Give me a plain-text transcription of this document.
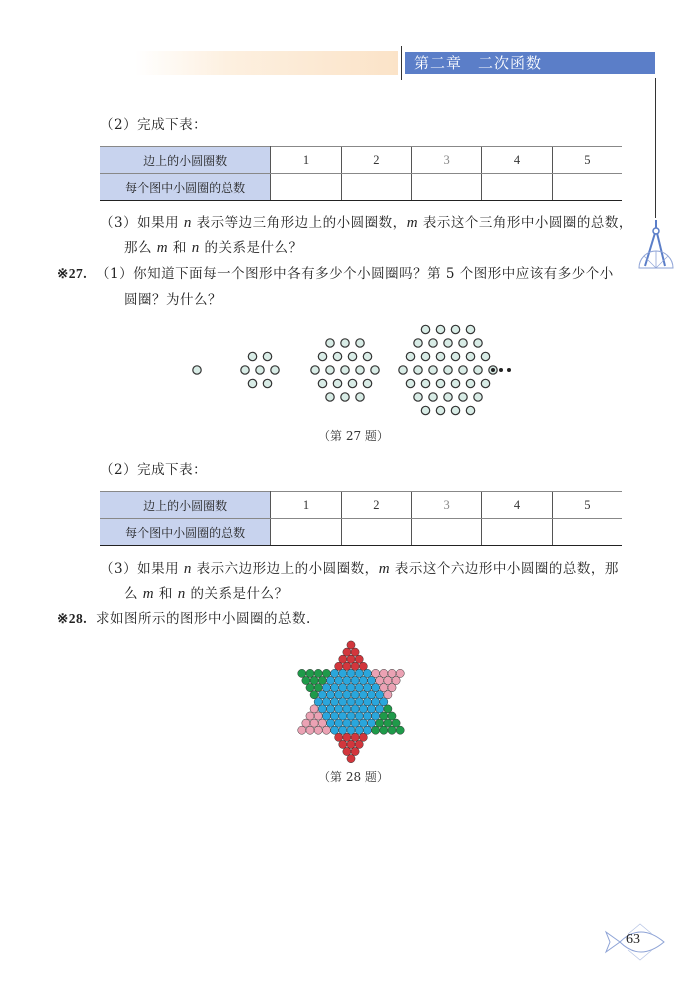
第二章　二次函数
（2）完成下表：
边上的小圆圈数	1	2	3	4	5
每个图中小圆圈的总数					
（3）如果用 n 表示等边三角形边上的小圆圈数，m 表示这个三角形中小圆圈的总数，
那么 m 和 n 的关系是什么？
※27. （1）你知道下面每一个图形中各有多少个小圆圈吗？第 5 个图形中应该有多少个小
圆圈？为什么？
（第 27 题）
（2）完成下表：
边上的小圆圈数	1	2	3	4	5
每个图中小圆圈的总数					
（3）如果用 n 表示六边形边上的小圆圈数，m 表示这个六边形中小圆圈的总数，那
么 m 和 n 的关系是什么？
※28. 求如图所示的图形中小圆圈的总数.
（第 28 题）
63
